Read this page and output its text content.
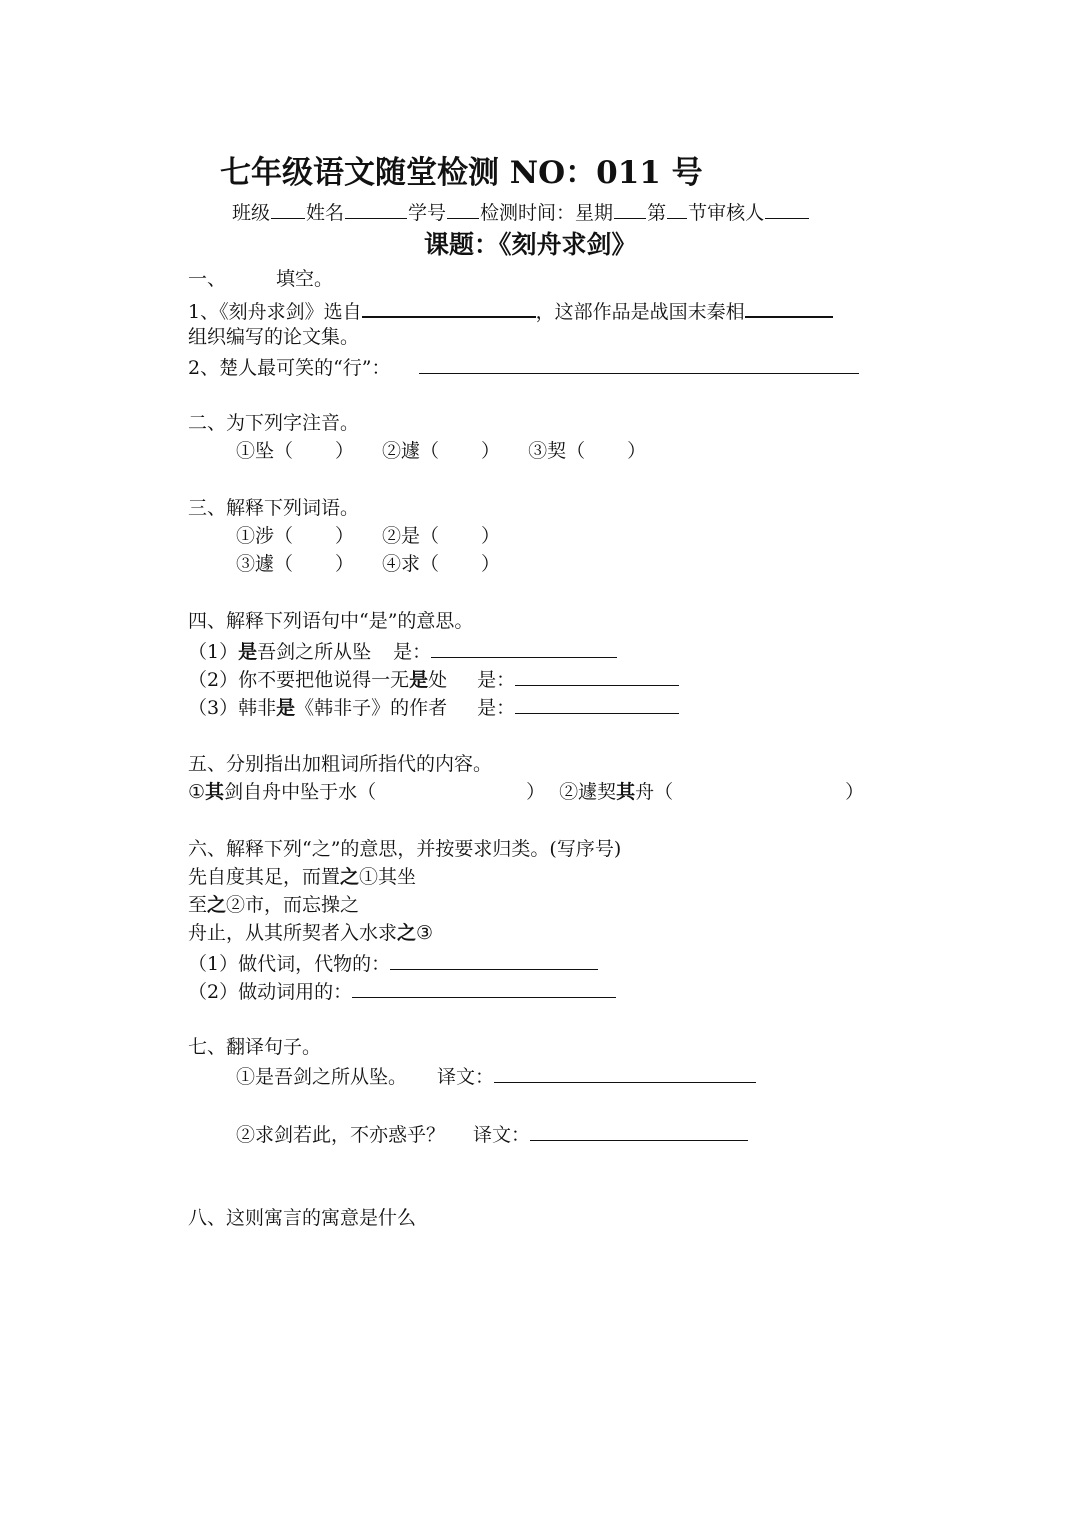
七年级语文随堂检测 NO：011 号
班级 姓名	学号 检测时间：星期 第 节审核人
课题：《刻舟求剑》
一、	填空。
1、《刻舟求剑》选自	，这部作品是战国末秦相
组织编写的论文集。
2、楚人最可笑的“行”：
二、为下列字注音。
①坠（ ） ②遽（ ） ③契（ ）
三、解释下列词语。
①涉（ ） ②是（ ）
③遽（ ） ④求（ ）
四、解释下列语句中“是”的意思。
（1）是吾剑之所从坠 是：
（2）你不要把他说得一无是处 是：
（3）韩非是《韩非子》的作者 是：
五、分别指出加粗词所指代的内容。
①其剑自舟中坠于水（	） ②遽契其舟（	）
六、解释下列“之”的意思，并按要求归类。(写序号)
先自度其足，而置之①其坐
至之②市，而忘操之
舟止，从其所契者入水求之③
（1）做代词，代物的：
（2）做动词用的：
七、翻译句子。
①是吾剑之所从坠。 译文：
②求剑若此，不亦惑乎？ 译文：
八、这则寓言的寓意是什么
